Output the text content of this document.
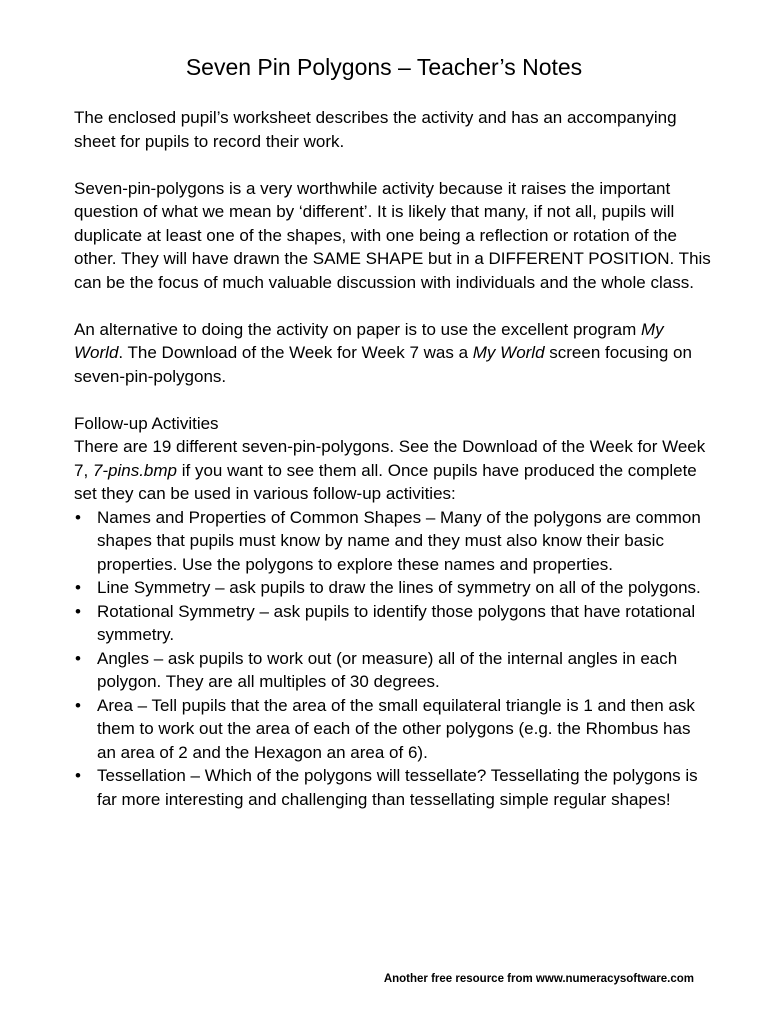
Seven Pin Polygons – Teacher’s Notes

The enclosed pupil’s worksheet describes the activity and has an accompanying sheet for pupils to record their work.

Seven-pin-polygons is a very worthwhile activity because it raises the important question of what we mean by ‘different’. It is likely that many, if not all, pupils will duplicate at least one of the shapes, with one being a reflection or rotation of the other. They will have drawn the SAME SHAPE but in a DIFFERENT POSITION. This can be the focus of much valuable discussion with individuals and the whole class.

An alternative to doing the activity on paper is to use the excellent program My World. The Download of the Week for Week 7 was a My World screen focusing on seven-pin-polygons.

Follow-up Activities

There are 19 different seven-pin-polygons. See the Download of the Week for Week 7, 7-pins.bmp if you want to see them all. Once pupils have produced the complete set they can be used in various follow-up activities:

• Names and Properties of Common Shapes – Many of the polygons are common shapes that pupils must know by name and they must also know their basic properties. Use the polygons to explore these names and properties.
• Line Symmetry – ask pupils to draw the lines of symmetry on all of the polygons.
• Rotational Symmetry – ask pupils to identify those polygons that have rotational symmetry.
• Angles – ask pupils to work out (or measure) all of the internal angles in each polygon. They are all multiples of 30 degrees.
• Area – Tell pupils that the area of the small equilateral triangle is 1 and then ask them to work out the area of each of the other polygons (e.g. the Rhombus has an area of 2 and the Hexagon an area of 6).
• Tessellation – Which of the polygons will tessellate? Tessellating the polygons is far more interesting and challenging than tessellating simple regular shapes!
Another free resource from www.numeracysoftware.com
